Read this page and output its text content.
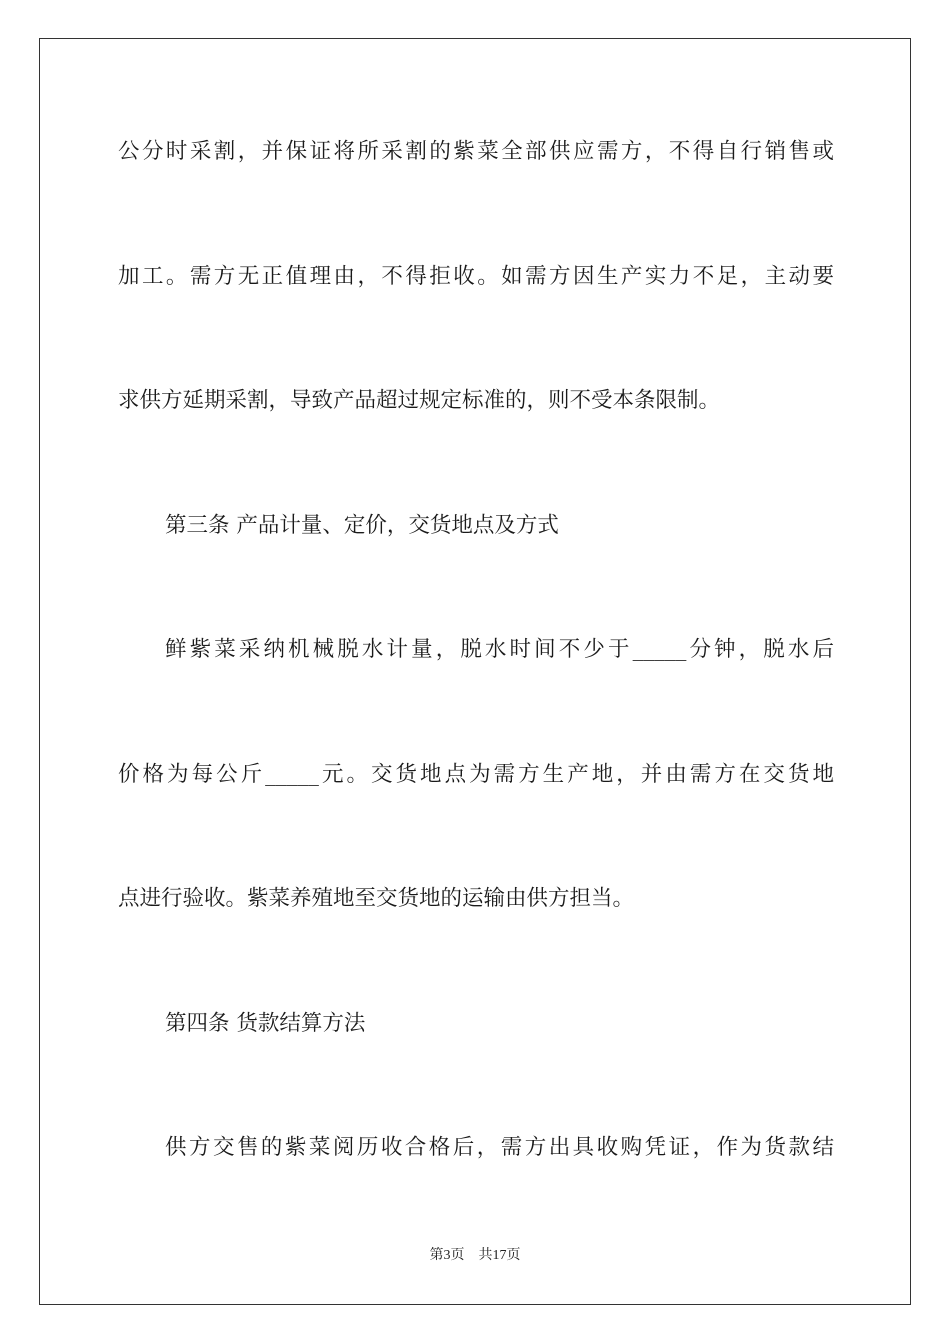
公分时采割，并保证将所采割的紫菜全部供应需方，不得自行销售或
加工。需方无正值理由，不得拒收。如需方因生产实力不足，主动要
求供方延期采割，导致产品超过规定标准的，则不受本条限制。
第三条 产品计量、定价，交货地点及方式
鲜紫菜采纳机械脱水计量，脱水时间不少于_____分钟，脱水后
价格为每公斤_____元。交货地点为需方生产地，并由需方在交货地
点进行验收。紫菜养殖地至交货地的运输由供方担当。
第四条 货款结算方法
供方交售的紫菜阅历收合格后，需方出具收购凭证，作为货款结
第3页 共17页
